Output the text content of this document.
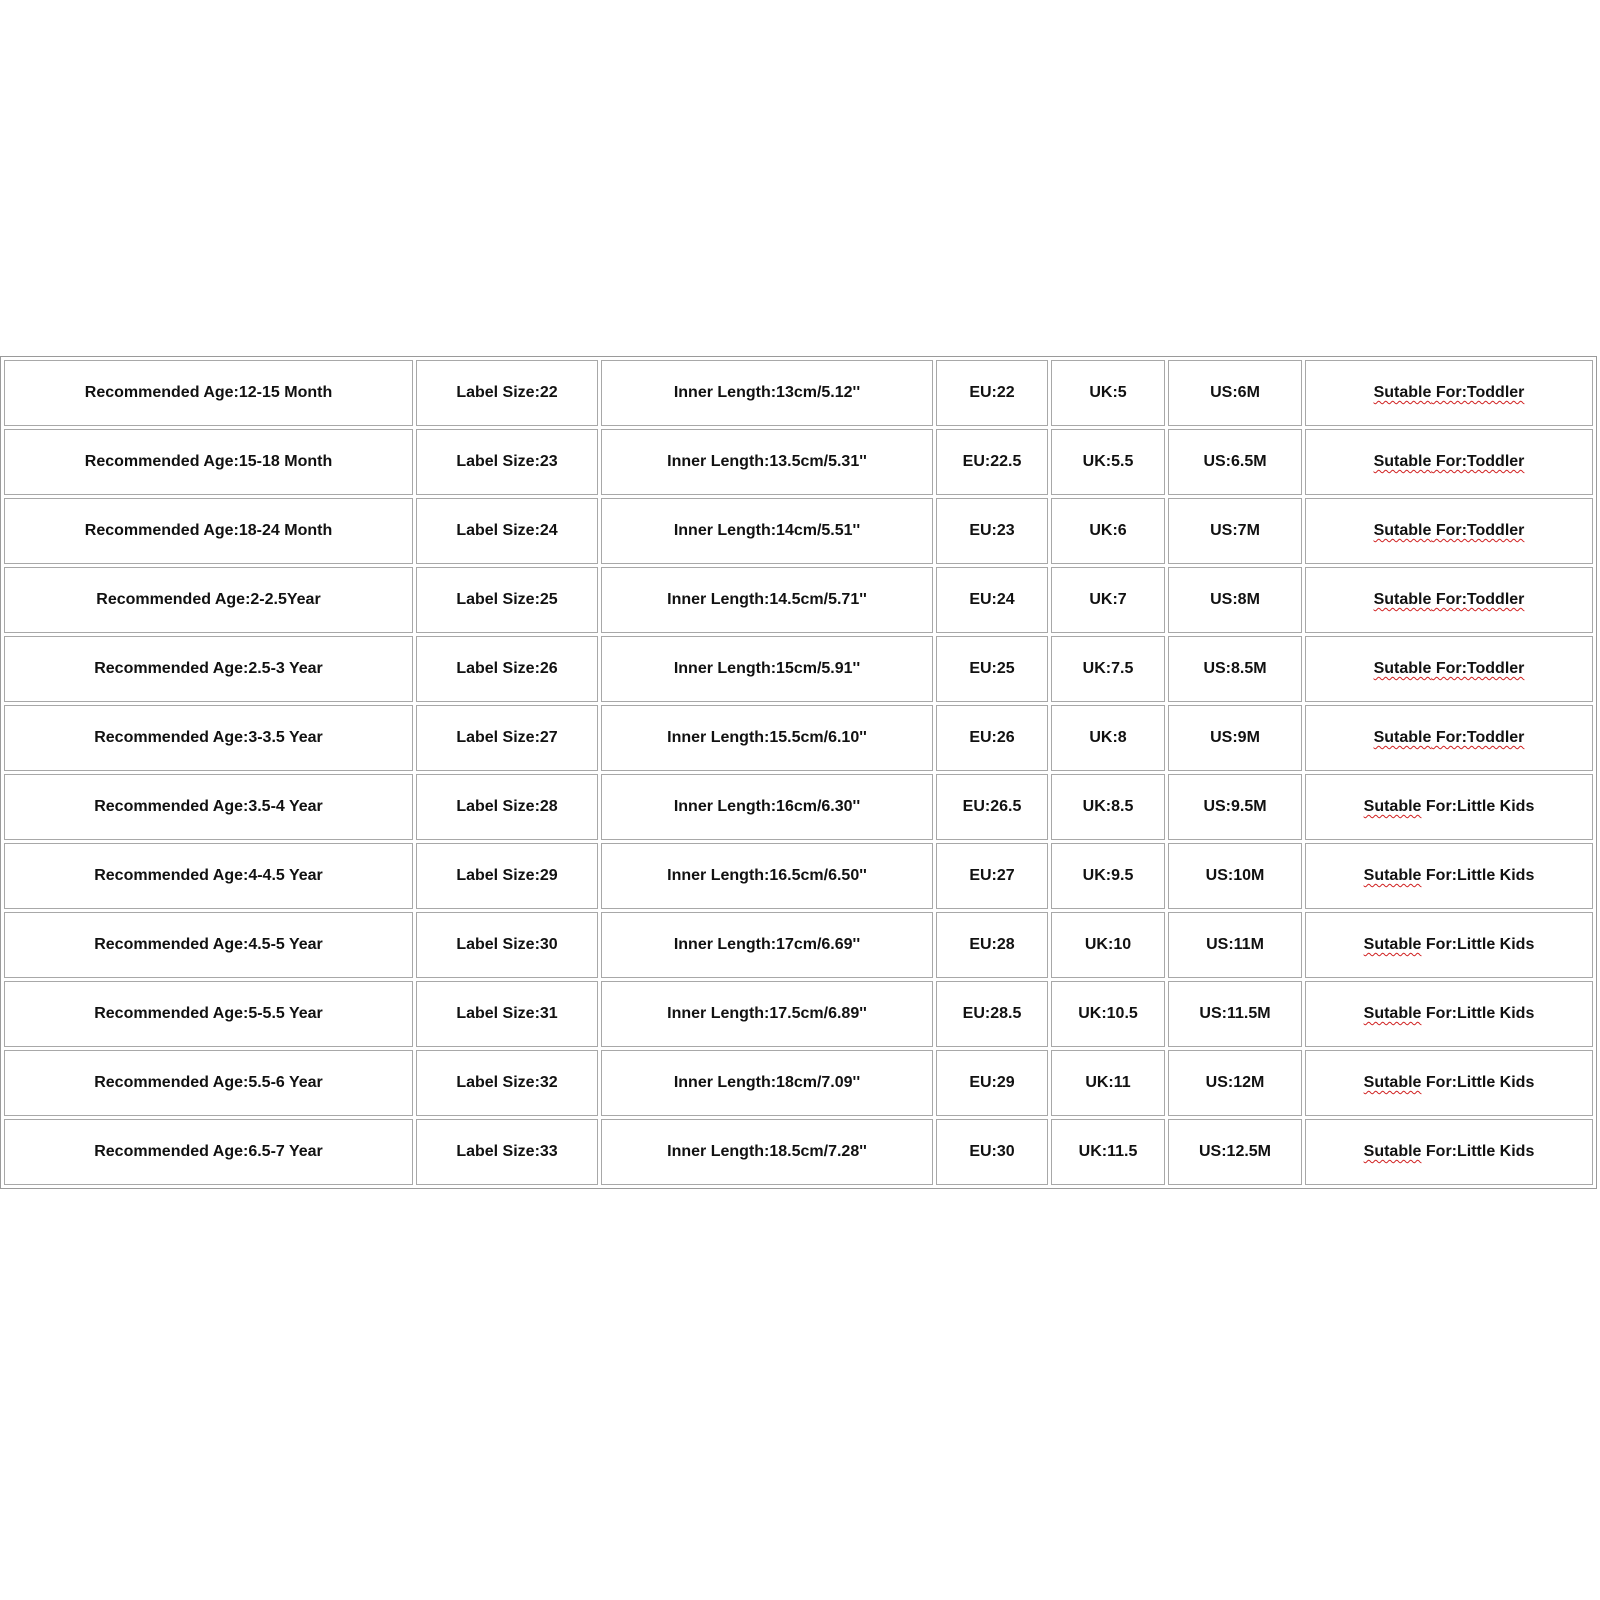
Recommended Age:12-15 Month	Label Size:22	Inner Length:13cm/5.12''	EU:22	UK:5	US:6M	Sutable For:Toddler
Recommended Age:15-18 Month	Label Size:23	Inner Length:13.5cm/5.31''	EU:22.5	UK:5.5	US:6.5M	Sutable For:Toddler
Recommended Age:18-24 Month	Label Size:24	Inner Length:14cm/5.51''	EU:23	UK:6	US:7M	Sutable For:Toddler
Recommended Age:2-2.5Year	Label Size:25	Inner Length:14.5cm/5.71''	EU:24	UK:7	US:8M	Sutable For:Toddler
Recommended Age:2.5-3 Year	Label Size:26	Inner Length:15cm/5.91''	EU:25	UK:7.5	US:8.5M	Sutable For:Toddler
Recommended Age:3-3.5 Year	Label Size:27	Inner Length:15.5cm/6.10''	EU:26	UK:8	US:9M	Sutable For:Toddler
Recommended Age:3.5-4 Year	Label Size:28	Inner Length:16cm/6.30''	EU:26.5	UK:8.5	US:9.5M	Sutable For:Little Kids
Recommended Age:4-4.5 Year	Label Size:29	Inner Length:16.5cm/6.50''	EU:27	UK:9.5	US:10M	Sutable For:Little Kids
Recommended Age:4.5-5 Year	Label Size:30	Inner Length:17cm/6.69''	EU:28	UK:10	US:11M	Sutable For:Little Kids
Recommended Age:5-5.5 Year	Label Size:31	Inner Length:17.5cm/6.89''	EU:28.5	UK:10.5	US:11.5M	Sutable For:Little Kids
Recommended Age:5.5-6 Year	Label Size:32	Inner Length:18cm/7.09''	EU:29	UK:11	US:12M	Sutable For:Little Kids
Recommended Age:6.5-7 Year	Label Size:33	Inner Length:18.5cm/7.28''	EU:30	UK:11.5	US:12.5M	Sutable For:Little Kids
